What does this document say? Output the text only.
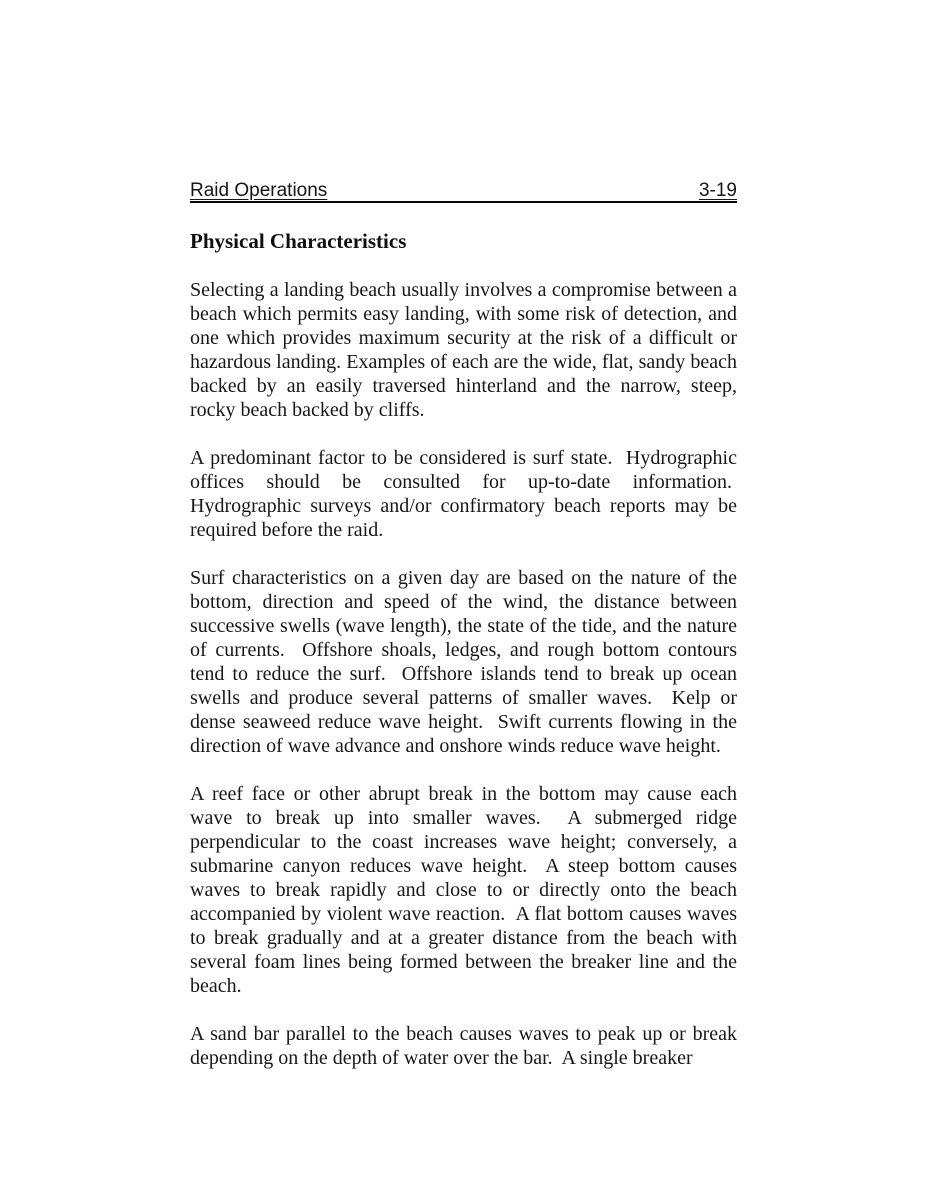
Raid Operations	3-19
Physical Characteristics

Selecting a landing beach usually involves a compromise between a beach which permits easy landing, with some risk of detection, and one which provides maximum security at the risk of a difficult or hazardous landing. Examples of each are the wide, flat, sandy beach backed by an easily traversed hinterland and the narrow, steep, rocky beach backed by cliffs.

A predominant factor to be considered is surf state.  Hydrographic offices should be consulted for up-to-date information.  Hydrographic surveys and/or confirmatory beach reports may be required before the raid.

Surf characteristics on a given day are based on the nature of the bottom, direction and speed of the wind, the distance between successive swells (wave length), the state of the tide, and the nature of currents.  Offshore shoals, ledges, and rough bottom contours tend to reduce the surf.  Offshore islands tend to break up ocean swells and produce several patterns of smaller waves.  Kelp or dense seaweed reduce wave height.  Swift currents flowing in the direction of wave advance and onshore winds reduce wave height.

A reef face or other abrupt break in the bottom may cause each wave to break up into smaller waves.  A submerged ridge perpendicular to the coast increases wave height; conversely, a submarine canyon reduces wave height.  A steep bottom causes waves to break rapidly and close to or directly onto the beach accompanied by violent wave reaction.  A flat bottom causes waves to break gradually and at a greater distance from the beach with several foam lines being formed between the breaker line and the beach.

A sand bar parallel to the beach causes waves to peak up or break depending on the depth of water over the bar.  A single breaker
